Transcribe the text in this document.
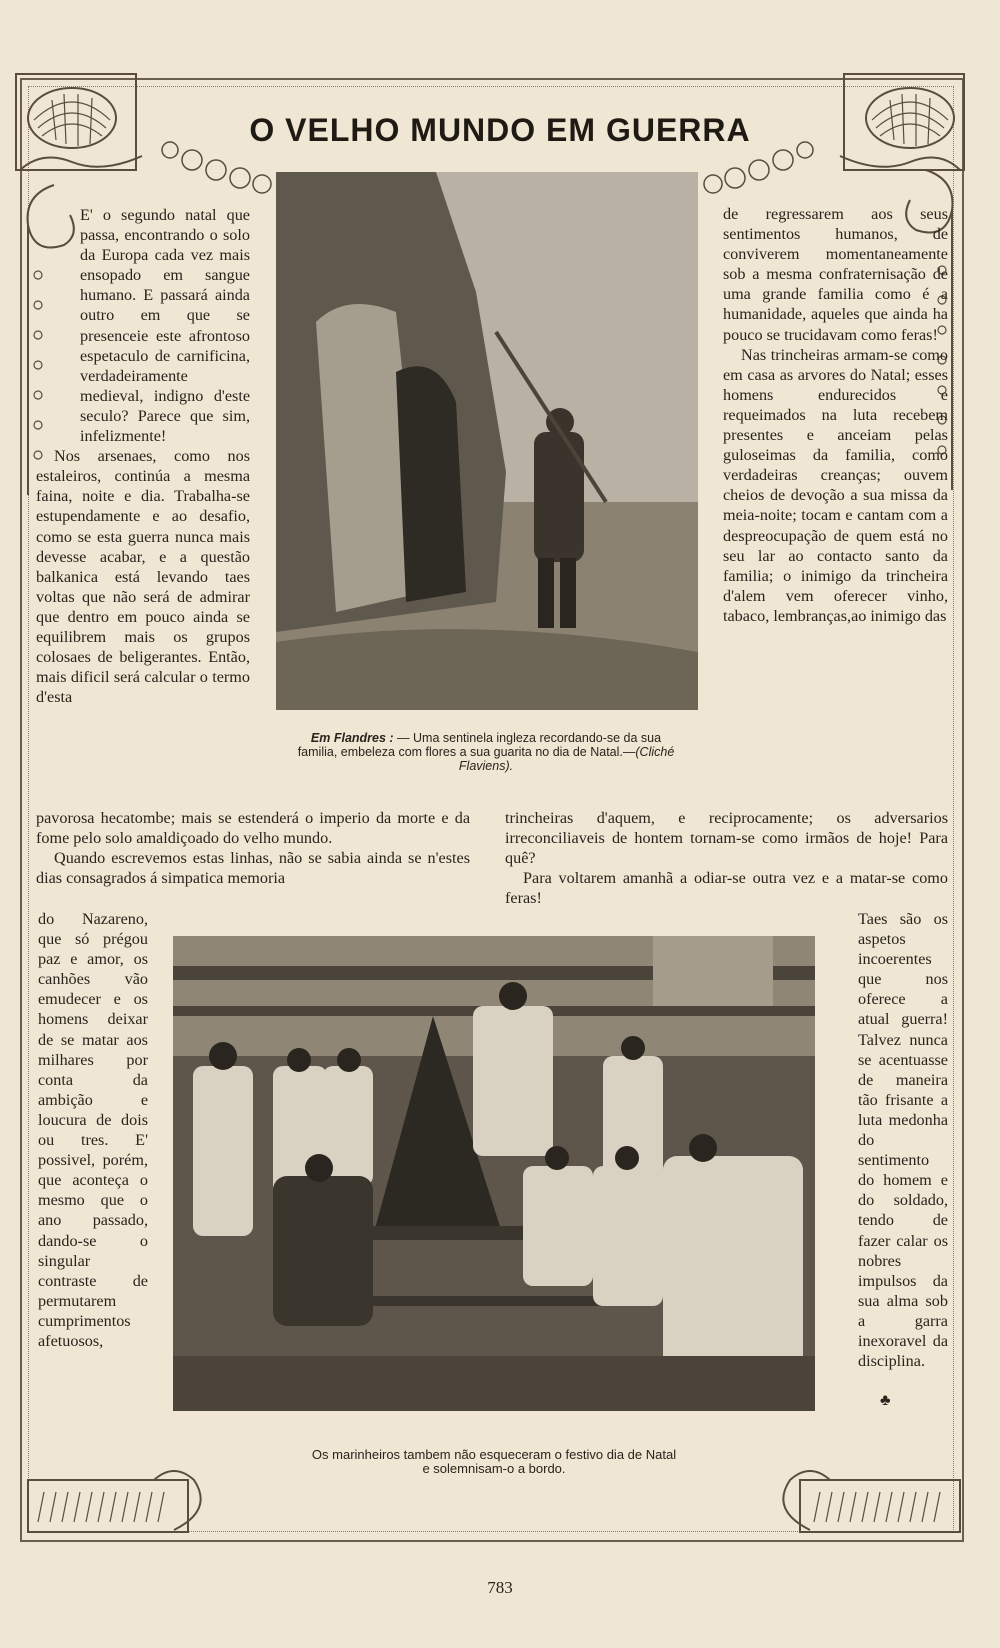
O VELHO MUNDO EM GUERRA

E' o segundo natal que passa, encontrando o solo da Europa cada vez mais ensopado em sangue humano. E passará ainda outro em que se presenceie este afrontoso espetaculo de carnificina, verdadeiramente medieval, indigno d'este seculo? Parece que sim, infelizmente!

Nos arsenaes, como nos estaleiros, continúa a mesma faina, noite e dia. Trabalha-se estupendamente e ao desafio, como se esta guerra nunca mais devesse acabar, e a questão balkanica está levando taes voltas que não será de admirar que dentro em pouco ainda se equilibrem mais os grupos colosaes de beligerantes. Então, mais dificil será calcular o termo d'esta

Em Flandres : — Uma sentinela ingleza recordando-se da sua familia, embeleza com flores a sua guarita no dia de Natal.—(Cliché Flaviens).

de regressarem aos seus sentimentos humanos, de conviverem momentaneamente sob a mesma confraternisação de uma grande familia como é a humanidade, aqueles que ainda ha pouco se trucidavam como feras!

Nas trincheiras armam-se como em casa as arvores do Natal; esses homens endurecidos e requeimados na luta recebem presentes e anceiam pelas guloseimas da familia, como verdadeiras creanças; ouvem cheios de devoção a sua missa da meia-noite; tocam e cantam com a despreocupação de quem está no seu lar ao contacto santo da familia; o inimigo da trincheira d'alem vem oferecer vinho, tabaco, lembranças,ao inimigo das

pavorosa hecatombe; mais se estenderá o imperio da morte e da fome pelo solo amaldiçoado do velho mundo.

Quando escrevemos estas linhas, não se sabia ainda se n'estes dias consagrados á simpatica memoria

trincheiras d'aquem, e reciprocamente; os adversarios irreconciliaveis de hontem tornam-se como irmãos de hoje! Para quê?

Para voltarem amanhã a odiar-se outra vez e a matar-se como feras!

do Nazareno, que só prégou paz e amor, os canhões vão emudecer e os homens deixar de se matar aos milhares por conta da ambição e loucura de dois ou tres. E' possivel, porém, que aconteça o mesmo que o ano passado, dando-se o singular contraste de permutarem cumprimentos afetuosos,

Taes são os aspetos incoerentes que nos oferece a atual guerra! Talvez nunca se acentuasse de maneira tão frisante a luta medonha do sentimento do homem e do soldado, tendo de fazer calar os nobres impulsos da sua alma sob a garra inexoravel da disciplina.

♣
Os marinheiros tambem não esqueceram o festivo dia de Natal
e solemnisam-o a bordo.
783
